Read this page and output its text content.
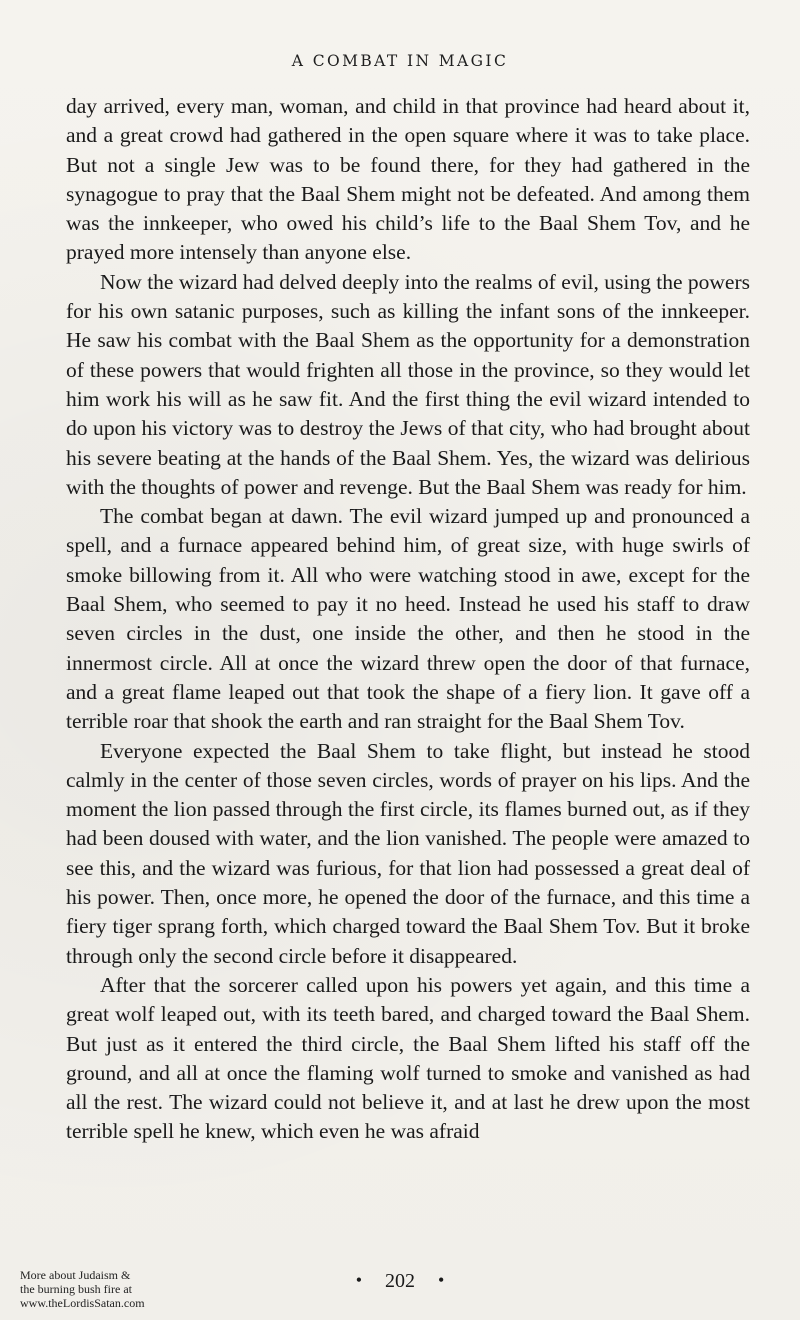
A COMBAT IN MAGIC

day arrived, every man, woman, and child in that province had heard about it, and a great crowd had gathered in the open square where it was to take place. But not a single Jew was to be found there, for they had gathered in the synagogue to pray that the Baal Shem might not be defeated. And among them was the innkeeper, who owed his child’s life to the Baal Shem Tov, and he prayed more intensely than anyone else.

Now the wizard had delved deeply into the realms of evil, using the powers for his own satanic purposes, such as killing the infant sons of the innkeeper. He saw his combat with the Baal Shem as the opportunity for a demonstration of these powers that would frighten all those in the province, so they would let him work his will as he saw fit. And the first thing the evil wizard intended to do upon his victory was to destroy the Jews of that city, who had brought about his severe beating at the hands of the Baal Shem. Yes, the wizard was delirious with the thoughts of power and revenge. But the Baal Shem was ready for him.

The combat began at dawn. The evil wizard jumped up and pronounced a spell, and a furnace appeared behind him, of great size, with huge swirls of smoke billowing from it. All who were watching stood in awe, except for the Baal Shem, who seemed to pay it no heed. Instead he used his staff to draw seven circles in the dust, one inside the other, and then he stood in the innermost circle. All at once the wizard threw open the door of that furnace, and a great flame leaped out that took the shape of a fiery lion. It gave off a terrible roar that shook the earth and ran straight for the Baal Shem Tov.

Everyone expected the Baal Shem to take flight, but instead he stood calmly in the center of those seven circles, words of prayer on his lips. And the moment the lion passed through the first circle, its flames burned out, as if they had been doused with water, and the lion vanished. The people were amazed to see this, and the wizard was furious, for that lion had possessed a great deal of his power. Then, once more, he opened the door of the furnace, and this time a fiery tiger sprang forth, which charged toward the Baal Shem Tov. But it broke through only the second circle before it disappeared.

After that the sorcerer called upon his powers yet again, and this time a great wolf leaped out, with its teeth bared, and charged toward the Baal Shem. But just as it entered the third circle, the Baal Shem lifted his staff off the ground, and all at once the flaming wolf turned to smoke and vanished as had all the rest. The wizard could not believe it, and at last he drew upon the most terrible spell he knew, which even he was afraid

• 202 •
More about Judaism &
the burning bush fire at
www.theLordisSatan.com
